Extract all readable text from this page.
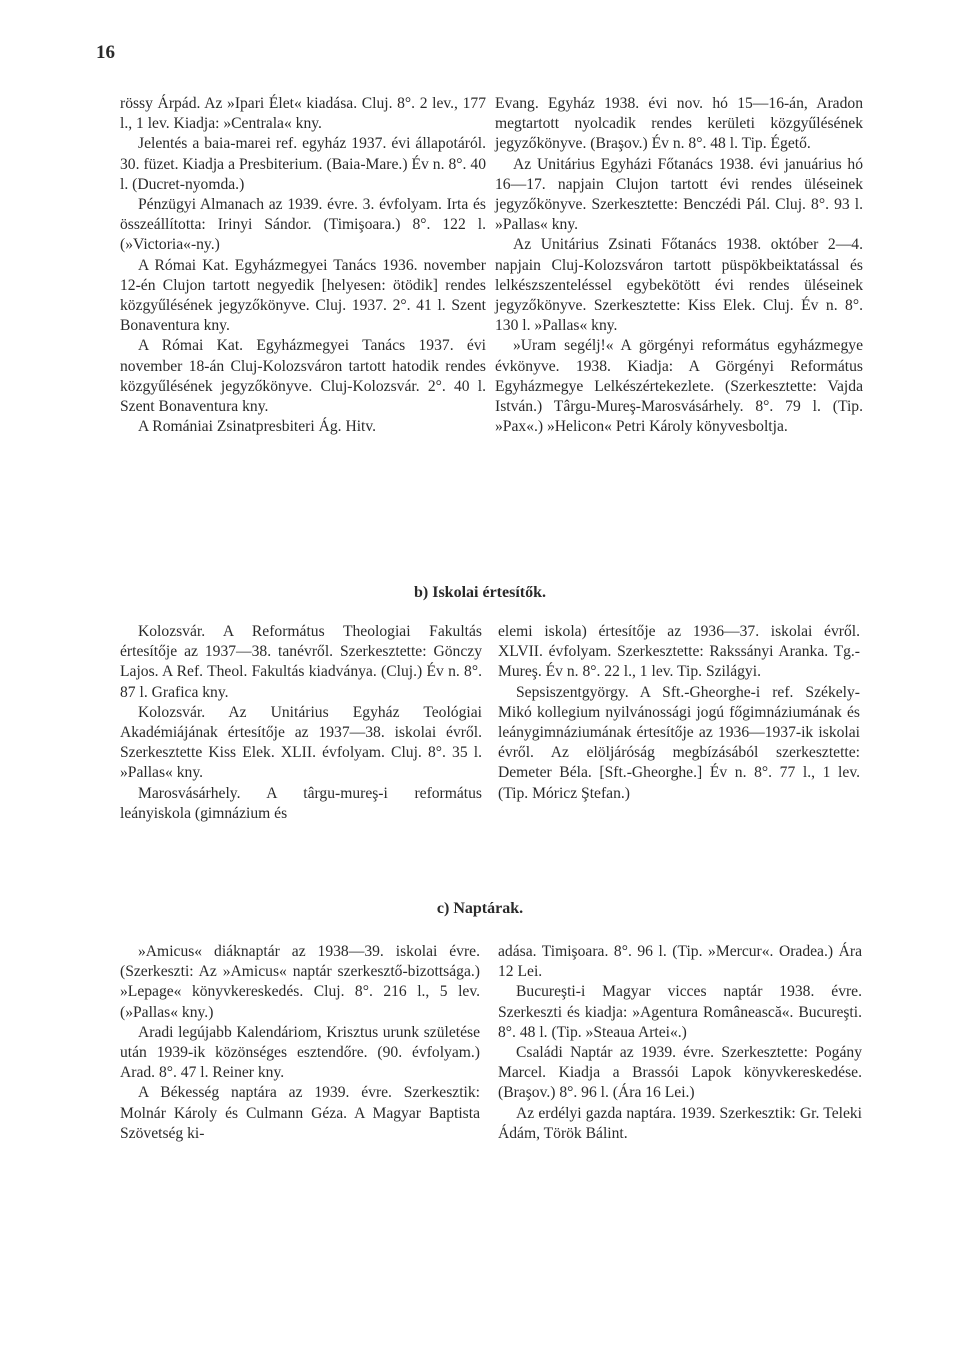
16

rössy Árpád. Az »Ipari Élet« kiadása. Cluj. 8°. 2 lev., 177 l., 1 lev. Kiadja: »Centrala« kny.

Jelentés a baia-marei ref. egyház 1937. évi állapotáról. 30. füzet. Kiadja a Presbiterium. (Baia-Mare.) Év n. 8°. 40 l. (Ducret-nyomda.)

Pénzügyi Almanach az 1939. évre. 3. évfolyam. Irta és összeállította: Irinyi Sándor. (Timişoara.) 8°. 122 l. (»Victoria«-ny.)

A Római Kat. Egyházmegyei Tanács 1936. november 12-én Clujon tartott negyedik [helyesen: ötödik] rendes közgyűlésének jegyzőkönyve. Cluj. 1937. 2°. 41 l. Szent Bonaventura kny.

A Római Kat. Egyházmegyei Tanács 1937. évi november 18-án Cluj-Kolozsváron tartott hatodik rendes közgyűlésének jegyzőkönyve. Cluj-Kolozsvár. 2°. 40 l. Szent Bonaventura kny.

A Romániai Zsinatpresbiteri Ág. Hitv.

Evang. Egyház 1938. évi nov. hó 15—16-án, Aradon megtartott nyolcadik rendes kerületi közgyűlésének jegyzőkönyve. (Braşov.) Év n. 8°. 48 l. Tip. Égető.

Az Unitárius Egyházi Főtanács 1938. évi januárius hó 16—17. napjain Clujon tartott évi rendes üléseinek jegyzőkönyve. Szerkesztette: Benczédi Pál. Cluj. 8°. 93 l. »Pallas« kny.

Az Unitárius Zsinati Főtanács 1938. október 2—4. napjain Cluj-Kolozsváron tartott püspökbeiktatással és lelkészszenteléssel egybekötött évi rendes üléseinek jegyzőkönyve. Szerkesztette: Kiss Elek. Cluj. Év n. 8°. 130 l. »Pallas« kny.

»Uram segélj!« A görgényi református egyházmegye évkönyve. 1938. Kiadja: A Görgényi Református Egyházmegye Lelkészértekezlete. (Szerkesztette: Vajda István.) Târgu-Mureş-Marosvásárhely. 8°. 79 l. (Tip. »Pax«.) »Helicon« Petri Károly könyvesboltja.

b) Iskolai értesítők.

Kolozsvár. A Református Theologiai Fakultás értesítője az 1937—38. tanévről. Szerkesztette: Gönczy Lajos. A Ref. Theol. Fakultás kiadványa. (Cluj.) Év n. 8°. 87 l. Grafica kny.

Kolozsvár. Az Unitárius Egyház Teológiai Akadémiájának értesítője az 1937—38. iskolai évről. Szerkesztette Kiss Elek. XLII. évfolyam. Cluj. 8°. 35 l. »Pallas« kny.

Marosvásárhely. A târgu-mureş-i református leányiskola (gimnázium és

elemi iskola) értesítője az 1936—37. iskolai évről. XLVII. évfolyam. Szerkesztette: Rakssányi Aranka. Tg.-Mureş. Év n. 8°. 22 l., 1 lev. Tip. Szilágyi.

Sepsiszentgyörgy. A Sft.-Gheorghe-i ref. Székely-Mikó kollegium nyilvánossági jogú főgimnáziumának és leánygimnáziumának értesítője az 1936—1937-ik iskolai évről. Az elöljáróság megbízásából szerkesztette: Demeter Béla. [Sft.-Gheorghe.] Év n. 8°. 77 l., 1 lev. (Tip. Móricz Ştefan.)

c) Naptárak.

»Amicus« diáknaptár az 1938—39. iskolai évre. (Szerkeszti: Az »Amicus« naptár szerkesztő-bizottsága.) »Lepage« könyvkereskedés. Cluj. 8°. 216 l., 5 lev. (»Pallas« kny.)

Aradi legújabb Kalendáriom, Krisztus urunk születése után 1939-ik közönséges esztendőre. (90. évfolyam.) Arad. 8°. 47 l. Reiner kny.

A Békesség naptára az 1939. évre. Szerkesztik: Molnár Károly és Culmann Géza. A Magyar Baptista Szövetség ki-

adása. Timişoara. 8°. 96 l. (Tip. »Mercur«. Oradea.) Ára 12 Lei.

Bucureşti-i Magyar vicces naptár 1938. évre. Szerkeszti és kiadja: »Agentura Românească«. Bucureşti. 8°. 48 l. (Tip. »Steaua Artei«.)

Családi Naptár az 1939. évre. Szerkesztette: Pogány Marcel. Kiadja a Brassói Lapok könyvkereskedése. (Braşov.) 8°. 96 l. (Ára 16 Lei.)

Az erdélyi gazda naptára. 1939. Szerkesztik: Gr. Teleki Ádám, Török Bálint.
